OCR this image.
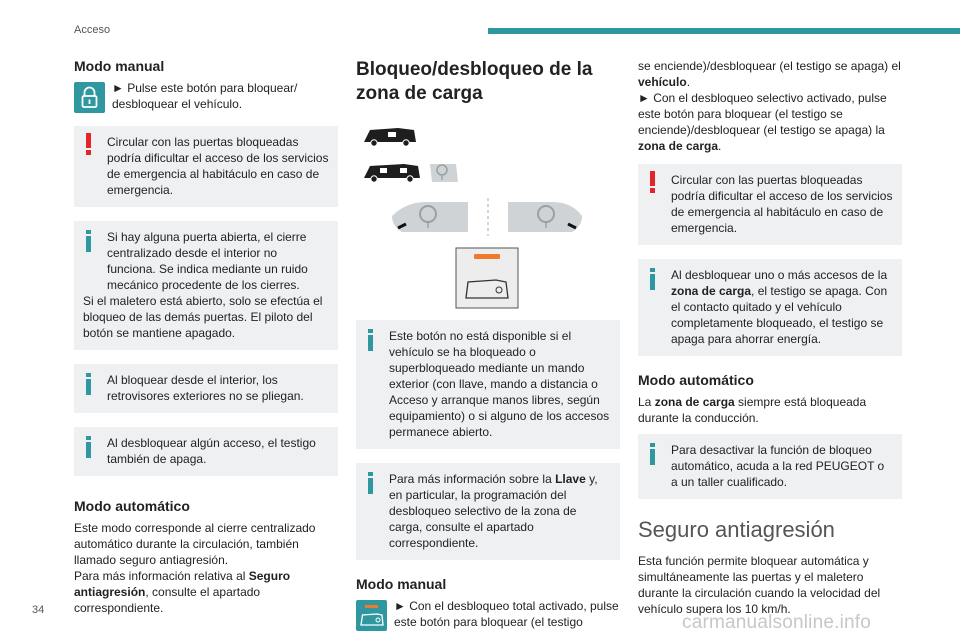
Acceso
Modo manual

► Pulse este botón para bloquear/ desbloquear el vehículo.

Circular con las puertas bloqueadas podría dificultar el acceso de los servicios de emergencia al habitáculo en caso de emergencia.

Si hay alguna puerta abierta, el cierre centralizado desde el interior no funciona. Se indica mediante un ruido mecánico procedente de los cierres.

Si el maletero está abierto, solo se efectúa el bloqueo de las demás puertas. El piloto del botón se mantiene apagado.

Al bloquear desde el interior, los retrovisores exteriores no se pliegan.

Al desbloquear algún acceso, el testigo también de apaga.

Modo automático

Este modo corresponde al cierre centralizado automático durante la circulación, también llamado seguro antiagresión.

Para más información relativa al Seguro antiagresión, consulte el apartado correspondiente.

Bloqueo/desbloqueo de la zona de carga

Este botón no está disponible si el vehículo se ha bloqueado o superbloqueado mediante un mando exterior (con llave, mando a distancia o Acceso y arranque manos libres, según equipamiento) o si alguno de los accesos permanece abierto.

Para más información sobre la Llave y, en particular, la programación del desbloqueo selectivo de la zona de carga, consulte el apartado correspondiente.

Modo manual

► Con el desbloqueo total activado, pulse este botón para bloquear (el testigo

se enciende)/desbloquear (el testigo se apaga) el vehículo.

► Con el desbloqueo selectivo activado, pulse este botón para bloquear (el testigo se enciende)/desbloquear (el testigo se apaga) la zona de carga.

Circular con las puertas bloqueadas podría dificultar el acceso de los servicios de emergencia al habitáculo en caso de emergencia.

Al desbloquear uno o más accesos de la zona de carga, el testigo se apaga. Con el contacto quitado y el vehículo completamente bloqueado, el testigo se apaga para ahorrar energía.

Modo automático

La zona de carga siempre está bloqueada durante la conducción.

Para desactivar la función de bloqueo automático, acuda a la red PEUGEOT o a un taller cualificado.

Seguro antiagresión

Esta función permite bloquear automática y simultáneamente las puertas y el maletero durante la circulación cuando la velocidad del vehículo supera los 10 km/h.

34
carmanualsonline.info
